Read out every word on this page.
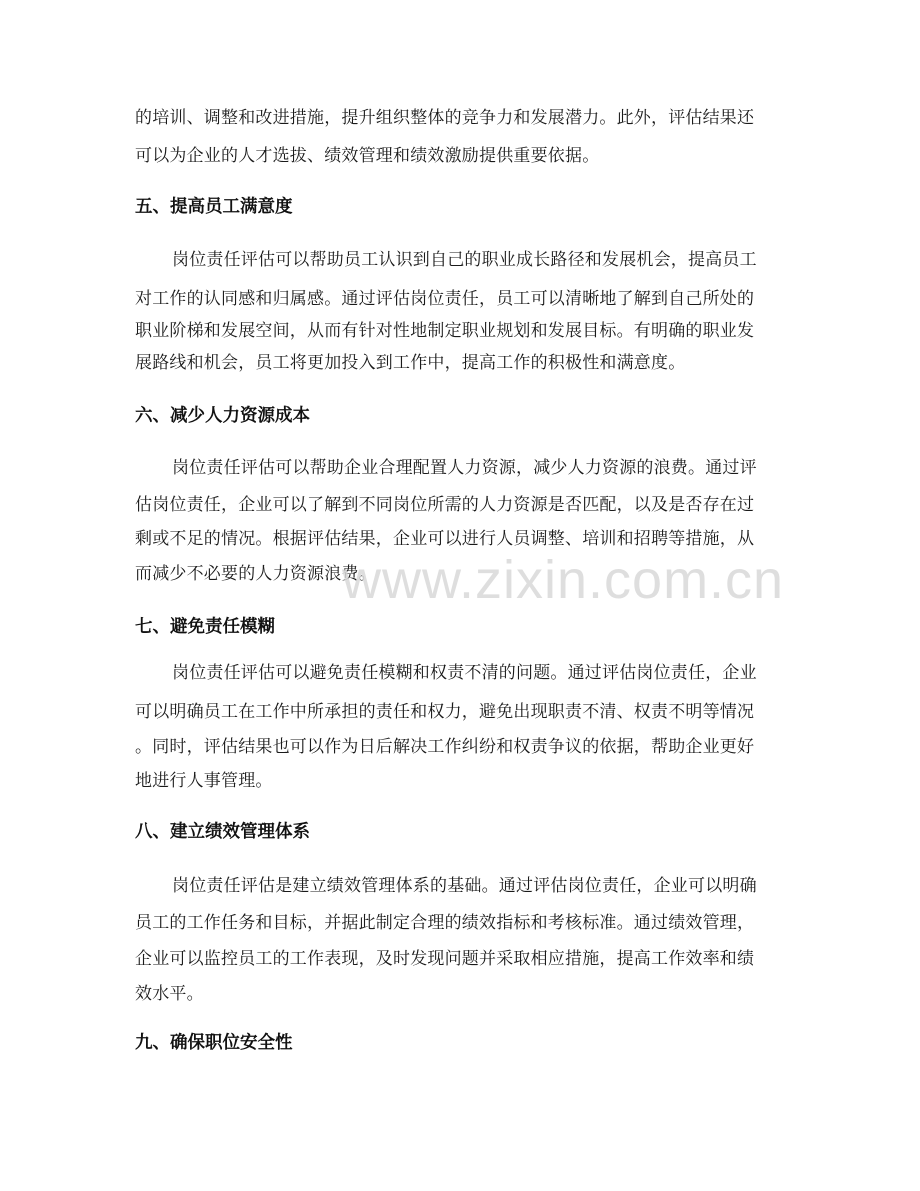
的培训、调整和改进措施，提升组织整体的竞争力和发展潜力。此外，评估结果还
可以为企业的人才选拔、绩效管理和绩效激励提供重要依据。
五、提高员工满意度
岗位责任评估可以帮助员工认识到自己的职业成长路径和发展机会，提高员工
对工作的认同感和归属感。通过评估岗位责任，员工可以清晰地了解到自己所处的
职业阶梯和发展空间，从而有针对性地制定职业规划和发展目标。有明确的职业发
展路线和机会，员工将更加投入到工作中，提高工作的积极性和满意度。
六、减少人力资源成本
岗位责任评估可以帮助企业合理配置人力资源，减少人力资源的浪费。通过评
估岗位责任，企业可以了解到不同岗位所需的人力资源是否匹配，以及是否存在过
剩或不足的情况。根据评估结果，企业可以进行人员调整、培训和招聘等措施，从
而减少不必要的人力资源浪费。
www.zixin.com.cn
七、避免责任模糊
岗位责任评估可以避免责任模糊和权责不清的问题。通过评估岗位责任，企业
可以明确员工在工作中所承担的责任和权力，避免出现职责不清、权责不明等情况
。同时，评估结果也可以作为日后解决工作纠纷和权责争议的依据，帮助企业更好
地进行人事管理。
八、建立绩效管理体系
岗位责任评估是建立绩效管理体系的基础。通过评估岗位责任，企业可以明确
员工的工作任务和目标，并据此制定合理的绩效指标和考核标准。通过绩效管理，
企业可以监控员工的工作表现，及时发现问题并采取相应措施，提高工作效率和绩
效水平。
九、确保职位安全性
